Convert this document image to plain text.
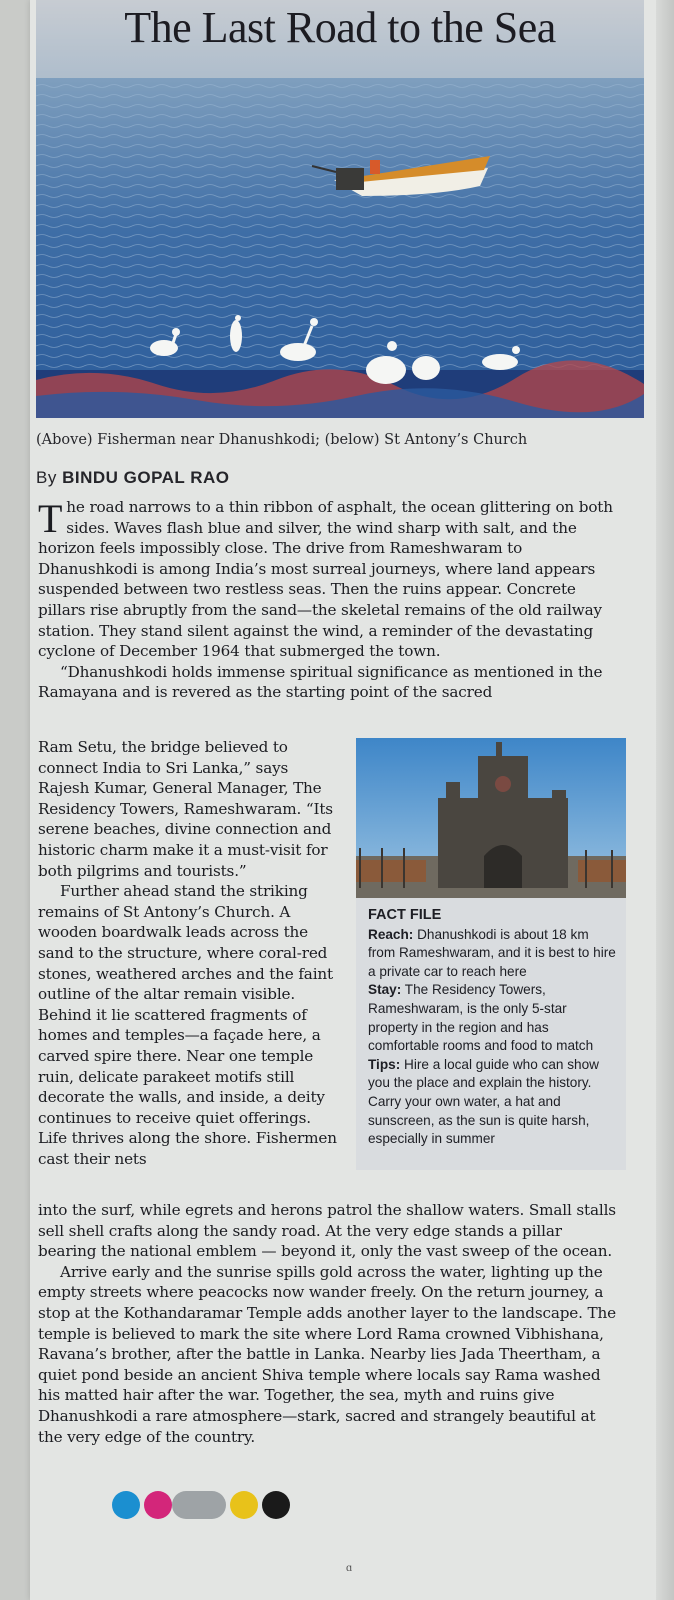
The Last Road to the Sea
(Above) Fisherman near Dhanushkodi; (below) St Antony’s Church
By BINDU GOPAL RAO

The road narrows to a thin ribbon of asphalt, the ocean glittering on both sides. Waves flash blue and silver, the wind sharp with salt, and the horizon feels impossibly close. The drive from Rameshwaram to Dhanushkodi is among India’s most surreal journeys, where land appears suspended between two restless seas. Then the ruins appear. Concrete pillars rise abruptly from the sand—the skeletal remains of the old railway station. They stand silent against the wind, a reminder of the devastating cyclone of December 1964 that submerged the town.

“Dhanushkodi holds immense spiritual significance as mentioned in the Ramayana and is revered as the starting point of the sacred

Ram Setu, the bridge believed to connect India to Sri Lanka,” says Rajesh Kumar, General Manager, The Residency Towers, Rameshwaram. “Its serene beaches, divine connection and historic charm make it a must-visit for both pilgrims and tourists.”

Further ahead stand the striking remains of St Antony’s Church. A wooden boardwalk leads across the sand to the structure, where coral-red stones, weathered arches and the faint outline of the altar remain visible. Behind it lie scattered fragments of homes and temples—a façade here, a carved spire there. Near one temple ruin, delicate parakeet motifs still decorate the walls, and inside, a deity continues to receive quiet offerings. Life thrives along the shore. Fishermen cast their nets

FACT FILE

Reach: Dhanushkodi is about 18 km from Rameshwaram, and it is best to hire a private car to reach here

Stay: The Residency Towers, Rameshwaram, is the only 5-star property in the region and has comfortable rooms and food to match

Tips: Hire a local guide who can show you the place and explain the history. Carry your own water, a hat and sunscreen, as the sun is quite harsh, especially in summer

into the surf, while egrets and herons patrol the shallow waters. Small stalls sell shell crafts along the sandy road. At the very edge stands a pillar bearing the national emblem — beyond it, only the vast sweep of the ocean.

Arrive early and the sunrise spills gold across the water, lighting up the empty streets where peacocks now wander freely. On the return journey, a stop at the Kothandaramar Temple adds another layer to the landscape. The temple is believed to mark the site where Lord Rama crowned Vibhishana, Ravana’s brother, after the battle in Lanka. Nearby lies Jada Theertham, a quiet pond beside an ancient Shiva temple where locals say Rama washed his matted hair after the war. Together, the sea, myth and ruins give Dhanushkodi a rare atmosphere—stark, sacred and strangely beautiful at the very edge of the country.

ɑ
